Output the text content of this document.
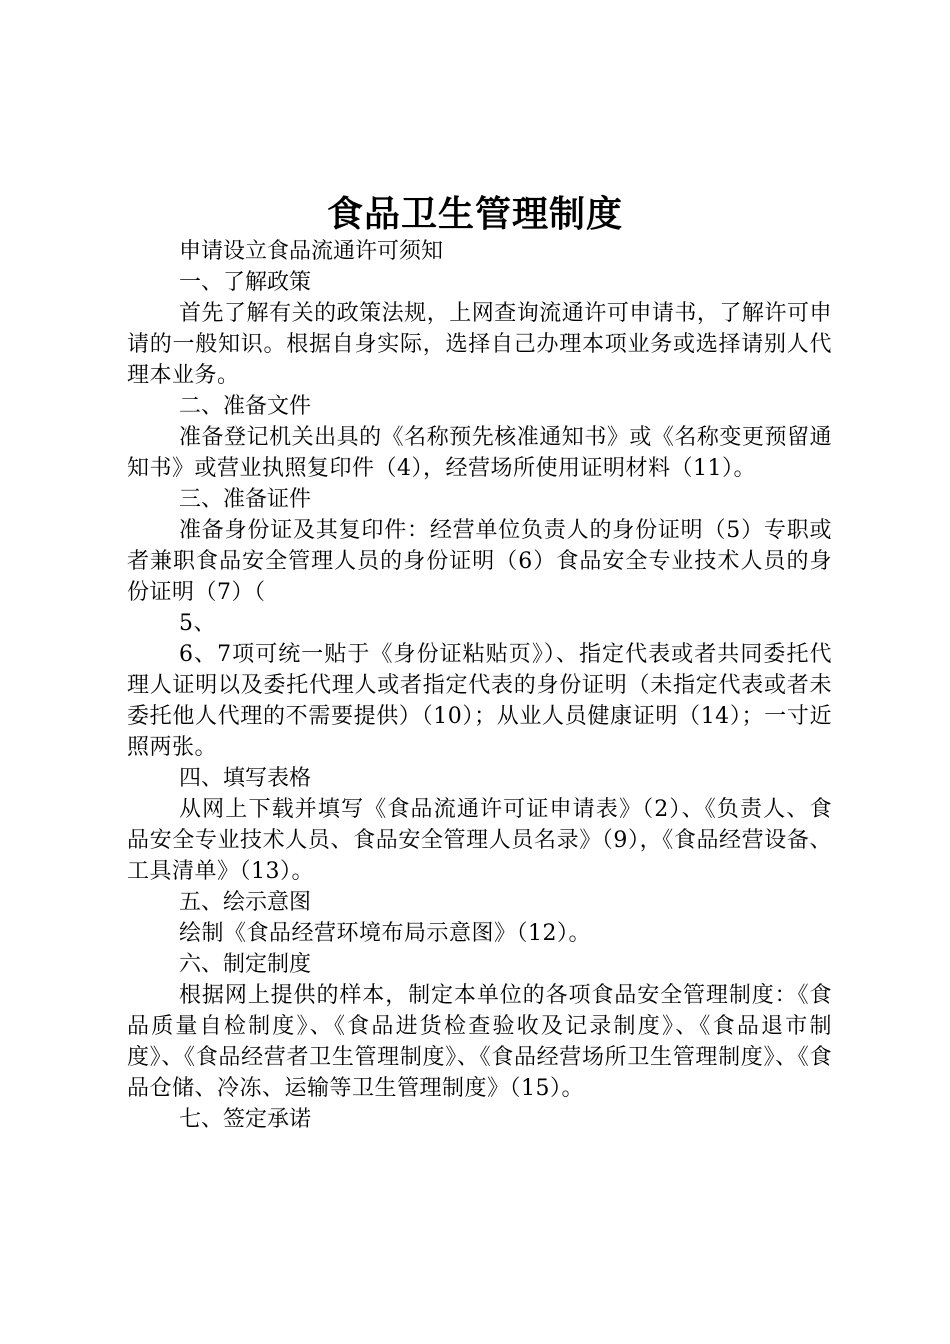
食品卫生管理制度

申请设立食品流通许可须知

一、了解政策

首先了解有关的政策法规，上网查询流通许可申请书，了解许可申请的一般知识。根据自身实际，选择自己办理本项业务或选择请别人代理本业务。

二、准备文件

准备登记机关出具的《名称预先核准通知书》或《名称变更预留通知书》或营业执照复印件（4），经营场所使用证明材料（11）。

三、准备证件

准备身份证及其复印件：经营单位负责人的身份证明（5）专职或者兼职食品安全管理人员的身份证明（6）食品安全专业技术人员的身份证明（7）（

5、

6、7项可统一贴于《身份证粘贴页》）、指定代表或者共同委托代理人证明以及委托代理人或者指定代表的身份证明（未指定代表或者未委托他人代理的不需要提供）（10）；从业人员健康证明（14）；一寸近照两张。

四、填写表格

从网上下载并填写《食品流通许可证申请表》（2）、《负责人、食品安全专业技术人员、食品安全管理人员名录》（9），《食品经营设备、工具清单》（13）。

五、绘示意图

绘制《食品经营环境布局示意图》（12）。

六、制定制度

根据网上提供的样本，制定本单位的各项食品安全管理制度：《食品质量自检制度》、《食品进货检查验收及记录制度》、《食品退市制度》、《食品经营者卫生管理制度》、《食品经营场所卫生管理制度》、《食品仓储、冷冻、运输等卫生管理制度》（15）。

七、签定承诺
